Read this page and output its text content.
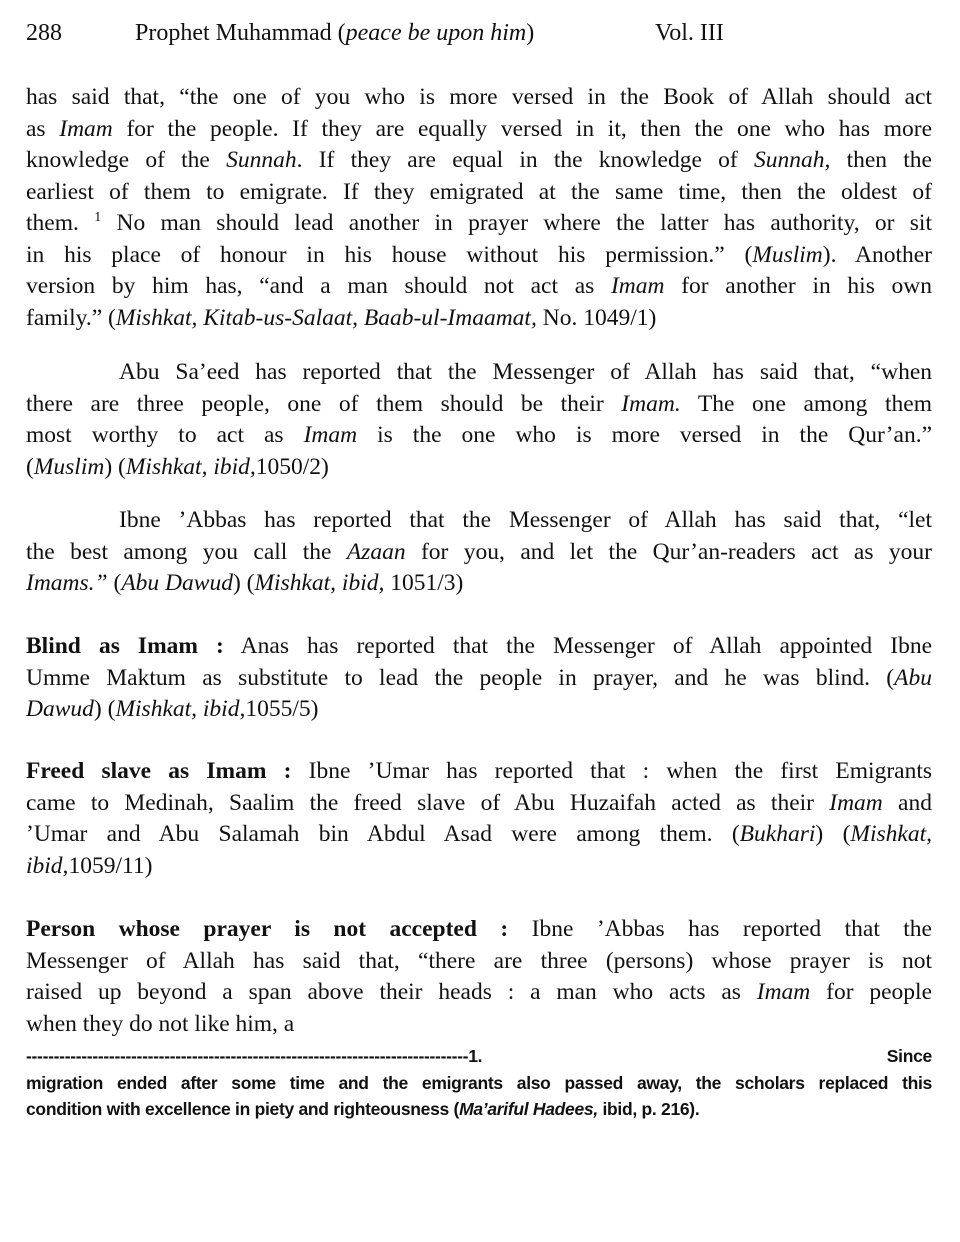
288	Prophet Muhammad (peace be upon him)	Vol. III
has said that, “the one of you who is more versed in the Book of Allah should act
as Imam for the people. If they are equally versed in it, then the one who has more
knowledge of the Sunnah. If they are equal in the knowledge of Sunnah, then the
earliest of them to emigrate. If they emigrated at the same time, then the oldest of
them. $^1$ No man should lead another in prayer where the latter has authority, or sit
in his place of honour in his house without his permission.” (Muslim). Another
version by him has, “and a man should not act as Imam for another in his own
family.” (Mishkat, Kitab-us-Salaat, Baab-ul-Imaamat, No. 1049/1)
Abu Sa’eed has reported that the Messenger of Allah has said that, “when
there are three people, one of them should be their Imam. The one among them
most worthy to act as Imam is the one who is more versed in the Qur’an.”
(Muslim) (Mishkat, ibid,1050/2)
Ibne ’Abbas has reported that the Messenger of Allah has said that, “let
the best among you call the Azaan for you, and let the Qur’an-readers act as your
Imams.” (Abu Dawud) (Mishkat, ibid, 1051/3)
Blind as Imam : Anas has reported that the Messenger of Allah appointed Ibne
Umme Maktum as substitute to lead the people in prayer, and he was blind. (Abu
Dawud) (Mishkat, ibid,1055/5)
Freed slave as Imam : Ibne ’Umar has reported that : when the first Emigrants
came to Medinah, Saalim the freed slave of Abu Huzaifah acted as their Imam and
’Umar and Abu Salamah bin Abdul Asad were among them. (Bukhari) (Mishkat,
ibid,1059/11)
Person whose prayer is not accepted : Ibne ’Abbas has reported that the
Messenger of Allah has said that, “there are three (persons) whose prayer is not
raised up beyond a span above their heads : a man who acts as Imam for people
when they do not like him, a
--------------------------------------------------------------------------------1. Since
migration ended after some time and the emigrants also passed away, the scholars replaced this
condition with excellence in piety and righteousness (Ma’ariful Hadees, ibid, p. 216).
